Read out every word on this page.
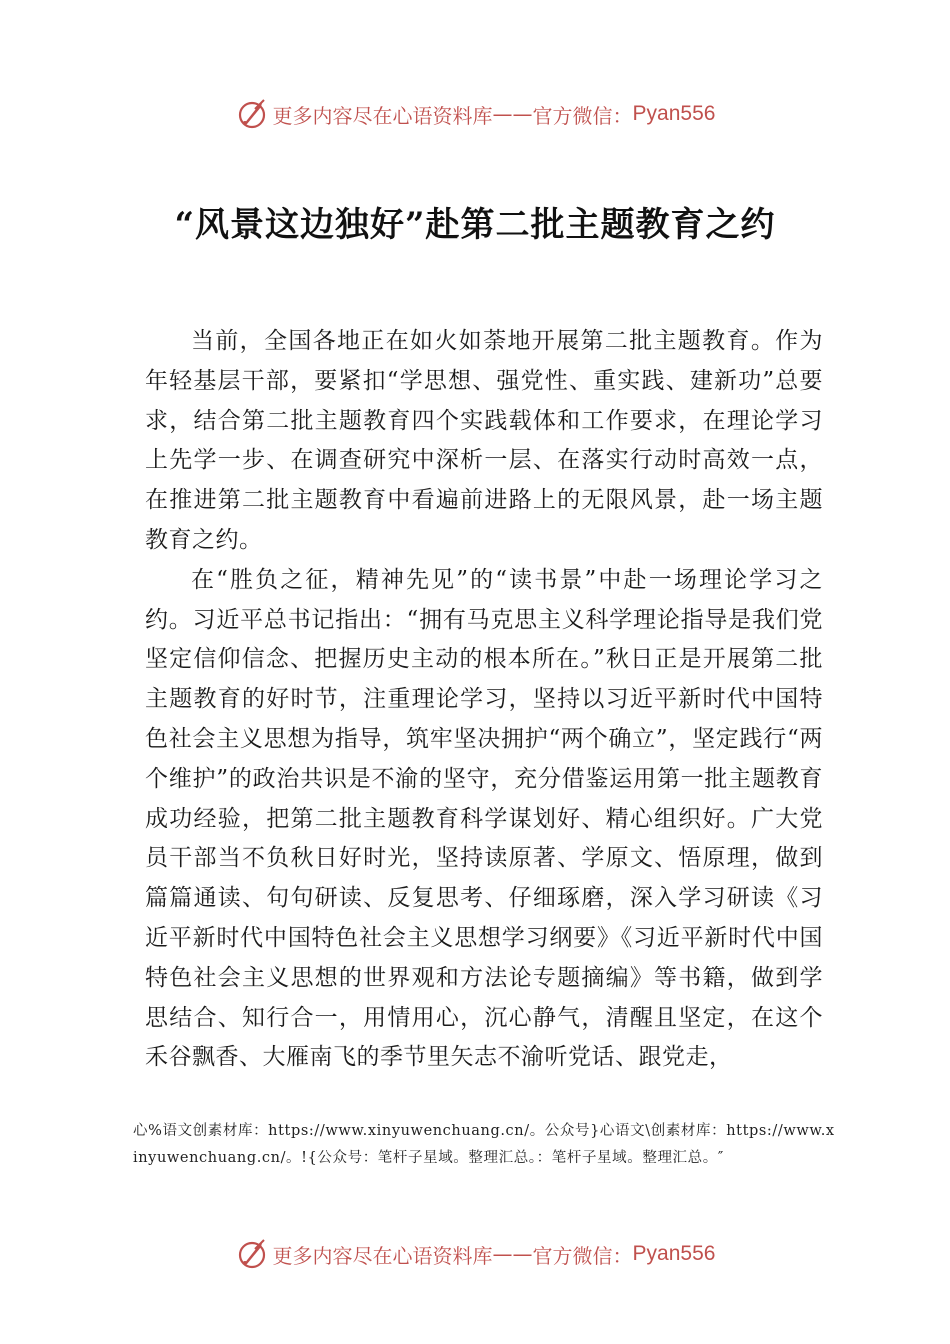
更多内容尽在心语资料库 —— 官方微信： Pyan556
“风景这边独好”赴第二批主题教育之约

当前，全国各地正在如火如荼地开展第二批主题教育。作为年轻基层干部，要紧扣“学思想、强党性、重实践、建新功”总要求，结合第二批主题教育四个实践载体和工作要求，在理论学习上先学一步、在调查研究中深析一层、在落实行动时高效一点，在推进第二批主题教育中看遍前进路上的无限风景，赴一场主题教育之约。

在“胜负之征，精神先见”的“读书景”中赴一场理论学习之约。习近平总书记指出：“拥有马克思主义科学理论指导是我们党坚定信仰信念、把握历史主动的根本所在。”秋日正是开展第二批主题教育的好时节，注重理论学习，坚持以习近平新时代中国特色社会主义思想为指导，筑牢坚决拥护“两个确立”，坚定践行“两个维护”的政治共识是不渝的坚守，充分借鉴运用第一批主题教育成功经验，把第二批主题教育科学谋划好、精心组织好。广大党员干部当不负秋日好时光，坚持读原著、学原文、悟原理，做到篇篇通读、句句研读、反复思考、仔细琢磨，深入学习研读《习近平新时代中国特色社会主义思想学习纲要》《习近平新时代中国特色社会主义思想的世界观和方法论专题摘编》等书籍，做到学思结合、知行合一，用情用心，沉心静气，清醒且坚定，在这个禾谷飘香、大雁南飞的季节里矢志不渝听党话、跟党走，

心%语文创素材库：https://www.xinyuwenchuang.cn/。公众号}心语文\创素材库：https://www.xinyuwenchuang.cn/。!{公众号：笔杆子星域。整理汇总。：笔杆子星域。整理汇总。″
更多内容尽在心语资料库 —— 官方微信： Pyan556
